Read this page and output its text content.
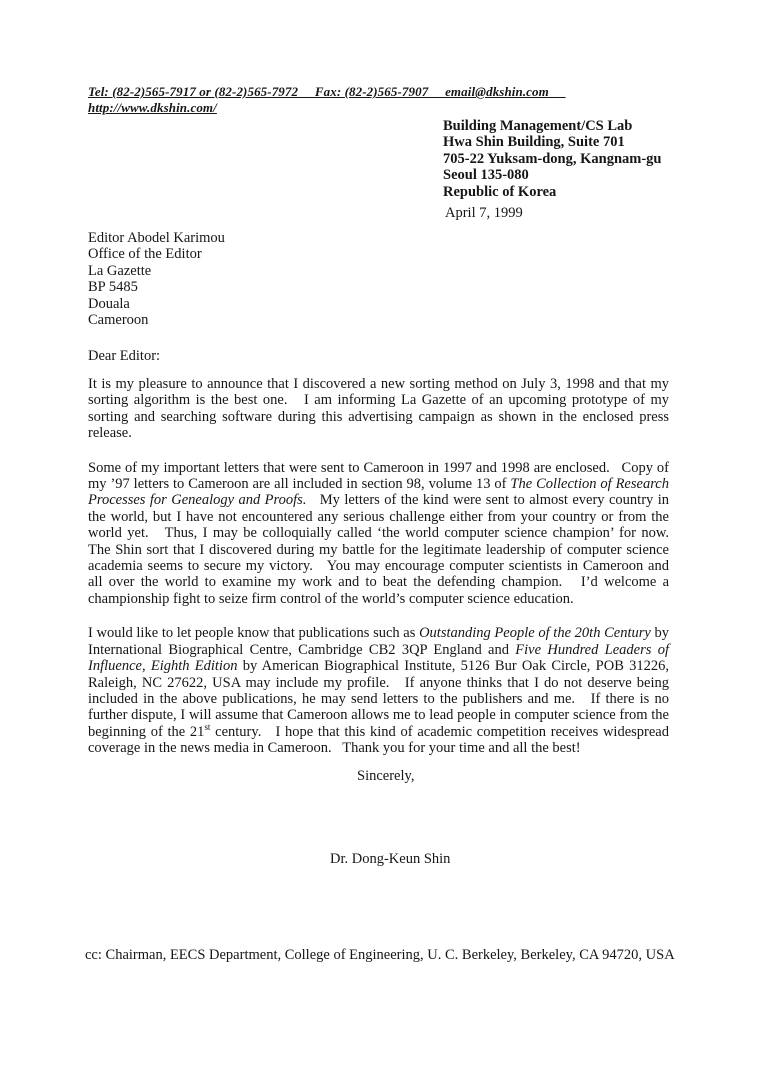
Tel: (82-2)565-7917 or (82-2)565-7972     Fax: (82-2)565-7907     email@dkshin.com     http://www.dkshin.com/
Building Management/CS Lab
Hwa Shin Building, Suite 701
705-22 Yuksam-dong, Kangnam-gu
Seoul 135-080
Republic of Korea
April 7, 1999
Editor Abodel Karimou
Office of the Editor
La Gazette
BP 5485
Douala
Cameroon
Dear Editor:
It is my pleasure to announce that I discovered a new sorting method on July 3, 1998 and that my sorting algorithm is the best one.   I am informing La Gazette of an upcoming prototype of my sorting and searching software during this advertising campaign as shown in the enclosed press release.
Some of my important letters that were sent to Cameroon in 1997 and 1998 are enclosed.   Copy of my ’97 letters to Cameroon are all included in section 98, volume 13 of The Collection of Research Processes for Genealogy and Proofs.   My letters of the kind were sent to almost every country in the world, but I have not encountered any serious challenge either from your country or from the world yet.   Thus, I may be colloquially called ‘the world computer science champion’ for now.   The Shin sort that I discovered during my battle for the legitimate leadership of computer science academia seems to secure my victory.   You may encourage computer scientists in Cameroon and all over the world to examine my work and to beat the defending champion.   I’d welcome a championship fight to seize firm control of the world’s computer science education.
I would like to let people know that publications such as Outstanding People of the 20th Century by International Biographical Centre, Cambridge CB2 3QP England and Five Hundred Leaders of Influence, Eighth Edition by American Biographical Institute, 5126 Bur Oak Circle, POB 31226, Raleigh, NC 27622, USA may include my profile.   If anyone thinks that I do not deserve being included in the above publications, he may send letters to the publishers and me.   If there is no further dispute, I will assume that Cameroon allows me to lead people in computer science from the beginning of the 21st century.   I hope that this kind of academic competition receives widespread coverage in the news media in Cameroon.   Thank you for your time and all the best!
Sincerely,
Dr. Dong-Keun Shin
cc: Chairman, EECS Department, College of Engineering, U. C. Berkeley, Berkeley, CA 94720, USA
